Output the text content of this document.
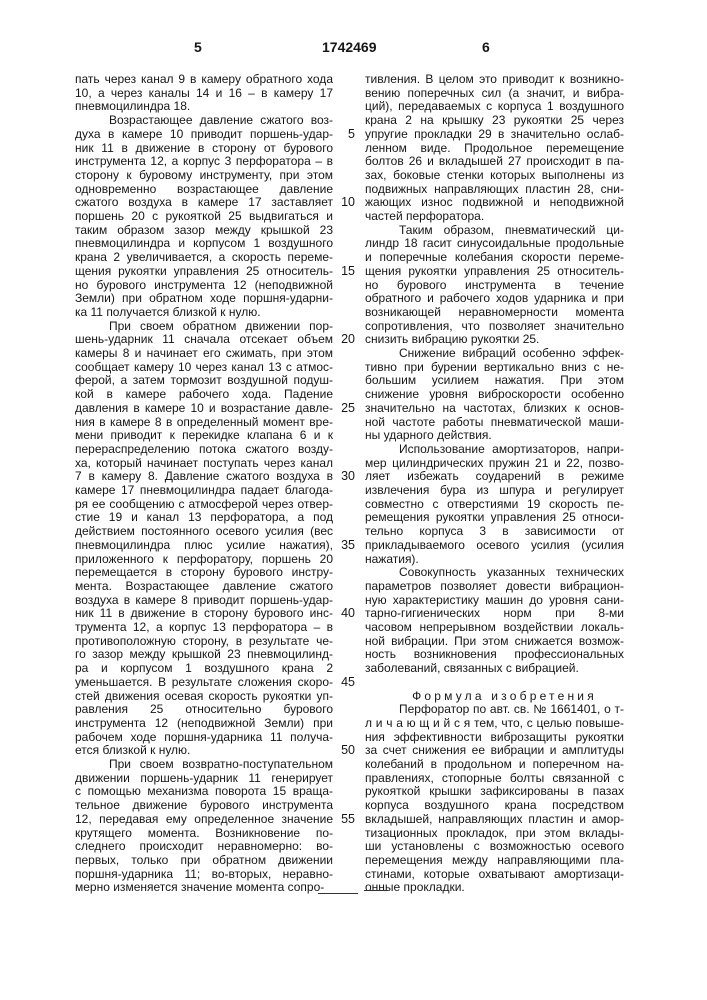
5	1742469	6
пать через канал 9 в камеру обратного хода
10, а через каналы 14 и 16 – в камеру 17
пневмоцилиндра 18.
Возрастающее давление сжатого воз-
духа в камере 10 приводит поршень-удар-
ник 11 в движение в сторону от бурового
инструмента 12, а корпус 3 перфоратора – в
сторону к буровому инструменту, при этом
одновременно возрастающее давление
сжатого воздуха в камере 17 заставляет
поршень 20 с рукояткой 25 выдвигаться и
таким образом зазор между крышкой 23
пневмоцилиндра и корпусом 1 воздушного
крана 2 увеличивается, а скорость переме-
щения рукоятки управления 25 относитель-
но бурового инструмента 12 (неподвижной
Земли) при обратном ходе поршня-ударни-
ка 11 получается близкой к нулю.
При своем обратном движении пор-
шень-ударник 11 сначала отсекает объем
камеры 8 и начинает его сжимать, при этом
сообщает камеру 10 через канал 13 с атмос-
ферой, а затем тормозит воздушной подуш-
кой в камере рабочего хода. Падение
давления в камере 10 и возрастание давле-
ния в камере 8 в определенный момент вре-
мени приводит к перекидке клапана 6 и к
перераспределению потока сжатого возду-
ха, который начинает поступать через канал
7 в камеру 8. Давление сжатого воздуха в
камере 17 пневмоцилиндра падает благода-
ря ее сообщению с атмосферой через отвер-
стие 19 и канал 13 перфоратора, а под
действием постоянного осевого усилия (вес
пневмоцилиндра плюс усилие нажатия),
приложенного к перфоратору, поршень 20
перемещается в сторону бурового инстру-
мента. Возрастающее давление сжатого
воздуха в камере 8 приводит поршень-удар-
ник 11 в движение в сторону бурового инс-
трумента 12, а корпус 13 перфоратора – в
противоположную сторону, в результате че-
го зазор между крышкой 23 пневмоцилинд-
ра и корпусом 1 воздушного крана 2
уменьшается. В результате сложения скоро-
стей движения осевая скорость рукоятки уп-
равления 25 относительно бурового
инструмента 12 (неподвижной Земли) при
рабочем ходе поршня-ударника 11 получа-
ется близкой к нулю.
При своем возвратно-поступательном
движении поршень-ударник 11 генерирует
с помощью механизма поворота 15 враща-
тельное движение бурового инструмента
12, передавая ему определенное значение
крутящего момента. Возникновение по-
следнего происходит неравномерно: во-
первых, только при обратном движении
поршня-ударника 11; во-вторых, неравно-
мерно изменяется значение момента сопро-
тивления. В целом это приводит к возникно-
вению поперечных сил (а значит, и вибра-
ций), передаваемых с корпуса 1 воздушного
крана 2 на крышку 23 рукоятки 25 через
упругие прокладки 29 в значительно ослаб-
ленном виде. Продольное перемещение
болтов 26 и вкладышей 27 происходит в па-
зах, боковые стенки которых выполнены из
подвижных направляющих пластин 28, сни-
жающих износ подвижной и неподвижной
частей перфоратора.
Таким образом, пневматический ци-
линдр 18 гасит синусоидальные продольные
и поперечные колебания скорости переме-
щения рукоятки управления 25 относитель-
но бурового инструмента в течение
обратного и рабочего ходов ударника и при
возникающей неравномерности момента
сопротивления, что позволяет значительно
снизить вибрацию рукоятки 25.
Снижение вибраций особенно эффек-
тивно при бурении вертикально вниз с не-
большим усилием нажатия. При этом
снижение уровня виброскорости особенно
значительно на частотах, близких к основ-
ной частоте работы пневматической маши-
ны ударного действия.
Использование амортизаторов, напри-
мер цилиндрических пружин 21 и 22, позво-
ляет избежать соударений в режиме
извлечения бура из шпура и регулирует
совместно с отверстиями 19 скорость пе-
ремещения рукоятки управления 25 относи-
тельно корпуса 3 в зависимости от
прикладываемого осевого усилия (усилия
нажатия).
Совокупность указанных технических
параметров позволяет довести вибрацион-
ную характеристику машин до уровня сани-
тарно-гигиенических норм при 8-ми
часовом непрерывном воздействии локаль-
ной вибрации. При этом снижается возмож-
ность возникновения профессиональных
заболеваний, связанных с вибрацией.
Формула изобретения
Перфоратор по авт. св. № 1661401, о т-
л и ч а ю щ и й с я тем, что, с целью повыше-
ния эффективности виброзащиты рукоятки
за счет снижения ее вибрации и амплитуды
колебаний в продольном и поперечном на-
правлениях, стопорные болты связанной с
рукояткой крышки зафиксированы в пазах
корпуса воздушного крана посредством
вкладышей, направляющих пластин и амор-
тизационных прокладок, при этом вклады-
ши установлены с возможностью осевого
перемещения между направляющими пла-
стинами, которые охватывают амортизаци-
онные прокладки.
5
10
15
20
25
30
35
40
45
50
55
